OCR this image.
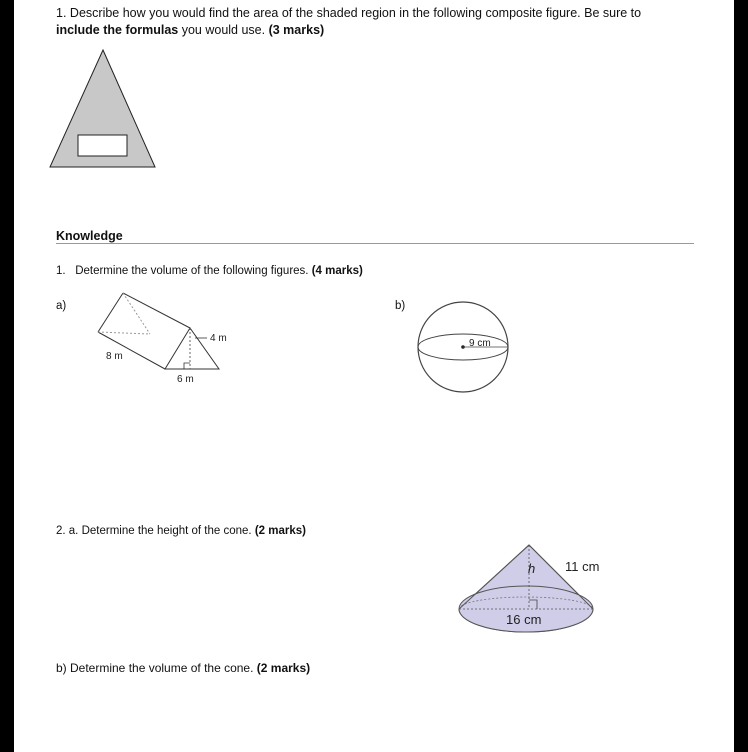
1. Describe how you would find the area of the shaded region in the following composite figure. Be sure to
include the formulas you would use. (3 marks)
Knowledge
1. Determine the volume of the following figures. (4 marks)
a)	b)
4 m
8 m
6 m
9 cm
2. a. Determine the height of the cone. (2 marks)
h 11 cm
16 cm
b) Determine the volume of the cone. (2 marks)
